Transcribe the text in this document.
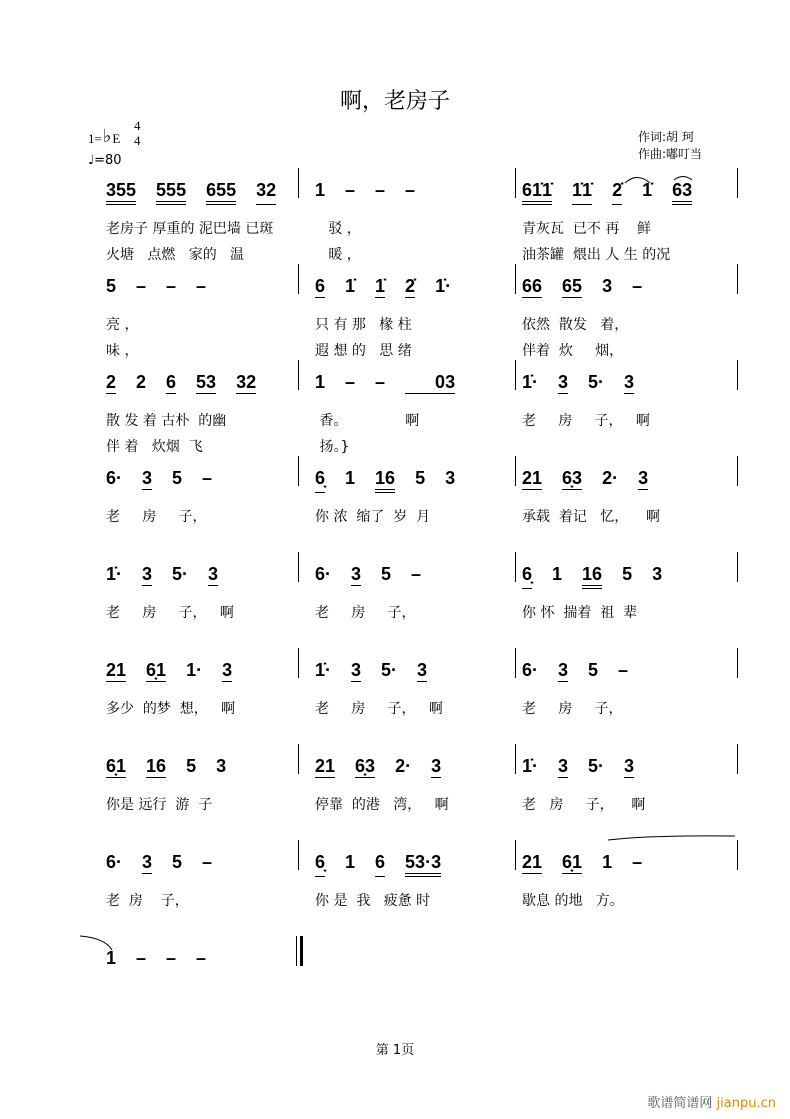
啊，老房子
1= ♭ E
4
4
♩=80
作词:胡 珂
作曲:嘟叮当
355 555 655 32
老房子 厚重的 泥巴墙 已斑
火塘   点燃   家的   温
1 – – –
驳 ，
暖 ，
61̇1̇ 1̇1̇ 2̇ 1̇ 63
青灰瓦  已不 再    鲜
油茶罐  煨出 人 生 的况
5 – – –
亮 ，
味 ，
6 1̇ 1̇ 2̇ 1̇·
只 有 那   椽 柱
遐 想 的   思 绪
66 65 3 –
依然  散发   着，
伴着  炊     烟，
2 2 6 53 32
散 发 着 古朴  的幽
伴 着   炊烟  飞
1 – – 03
香。             啊
扬。}
1̇· 3 5· 3
老     房     子，   啊
6· 3 5 –
老     房     子，
6̣ 1 16 5 3
你 浓  缩了  岁  月
21 6̣3 2· 3
承载  着记   忆，    啊
1̇· 3 5· 3
老     房     子，   啊
6· 3 5 –
老     房     子，
6̣ 1 16 5 3
你 怀  揣着  祖  辈
21 6̣1 1· 3
多少  的梦  想，   啊
1̇· 3 5· 3
老     房     子，   啊
6· 3 5 –
老     房     子，
6̣1 16 5 3
你是 远行  游  子
21 6̣3 2· 3
停靠  的港   湾，   啊
1̇· 3 5· 3
老   房     子，    啊
6· 3 5 –
老  房    子，
6̣ 1 6 53·3
你 是  我   疲惫 时
21 6̣1 1 –
歇息 的地   方。
1 – – –
第 1页
歌谱简谱网 jianpu.cn
